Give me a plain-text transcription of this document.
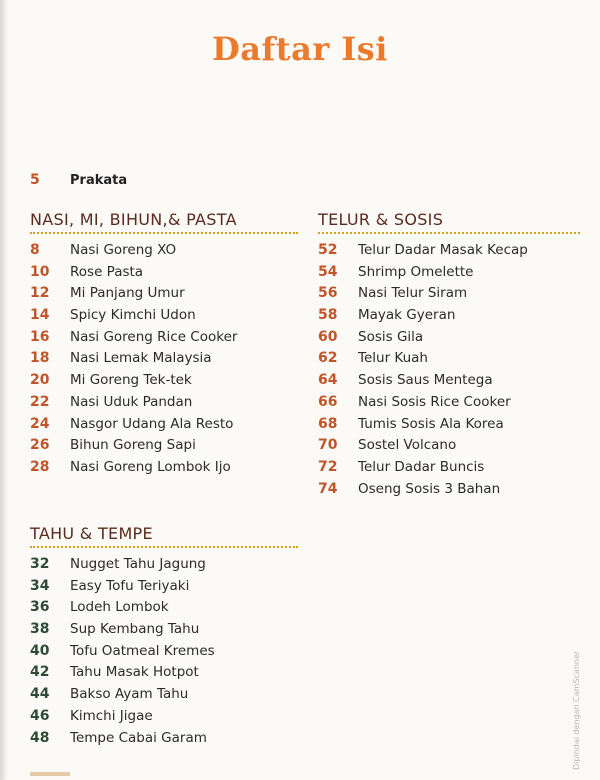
Daftar Isi
5	Prakata
NASI, MI, BIHUN,& PASTA
8	Nasi Goreng XO
10	Rose Pasta
12	Mi Panjang Umur
14	Spicy Kimchi Udon
16	Nasi Goreng Rice Cooker
18	Nasi Lemak Malaysia
20	Mi Goreng Tek-tek
22	Nasi Uduk Pandan
24	Nasgor Udang Ala Resto
26	Bihun Goreng Sapi
28	Nasi Goreng Lombok Ijo
TELUR & SOSIS
52	Telur Dadar Masak Kecap
54	Shrimp Omelette
56	Nasi Telur Siram
58	Mayak Gyeran
60	Sosis Gila
62	Telur Kuah
64	Sosis Saus Mentega
66	Nasi Sosis Rice Cooker
68	Tumis Sosis Ala Korea
70	Sostel Volcano
72	Telur Dadar Buncis
74	Oseng Sosis 3 Bahan
TAHU & TEMPE
32	Nugget Tahu Jagung
34	Easy Tofu Teriyaki
36	Lodeh Lombok
38	Sup Kembang Tahu
40	Tofu Oatmeal Kremes
42	Tahu Masak Hotpot
44	Bakso Ayam Tahu
46	Kimchi Jigae
48	Tempe Cabai Garam	Dipindai dengan CamScanner
